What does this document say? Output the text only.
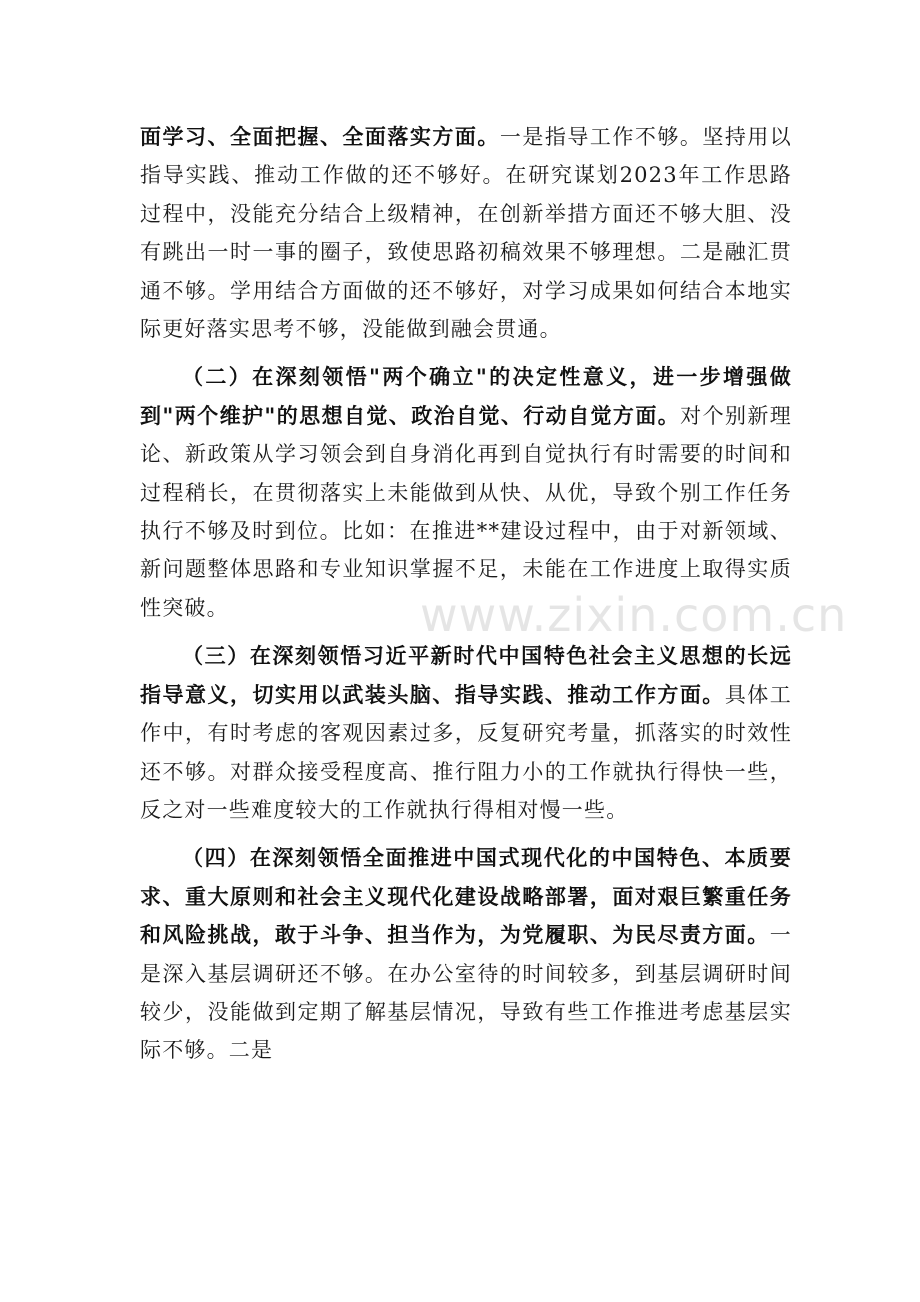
面学习、全面把握、全面落实方面。一是指导工作不够。坚持用以指导实践、推动工作做的还不够好。在研究谋划2023年工作思路过程中，没能充分结合上级精神，在创新举措方面还不够大胆、没有跳出一时一事的圈子，致使思路初稿效果不够理想。二是融汇贯通不够。学用结合方面做的还不够好，对学习成果如何结合本地实际更好落实思考不够，没能做到融会贯通。

（二）在深刻领悟"两个确立"的决定性意义，进一步增强做到"两个维护"的思想自觉、政治自觉、行动自觉方面。对个别新理论、新政策从学习领会到自身消化再到自觉执行有时需要的时间和过程稍长，在贯彻落实上未能做到从快、从优，导致个别工作任务执行不够及时到位。比如：在推进**建设过程中，由于对新领域、新问题整体思路和专业知识掌握不足，未能在工作进度上取得实质性突破。

（三）在深刻领悟习近平新时代中国特色社会主义思想的长远指导意义，切实用以武装头脑、指导实践、推动工作方面。具体工作中，有时考虑的客观因素过多，反复研究考量，抓落实的时效性还不够。对群众接受程度高、推行阻力小的工作就执行得快一些，反之对一些难度较大的工作就执行得相对慢一些。

（四）在深刻领悟全面推进中国式现代化的中国特色、本质要求、重大原则和社会主义现代化建设战略部署，面对艰巨繁重任务和风险挑战，敢于斗争、担当作为，为党履职、为民尽责方面。一是深入基层调研还不够。在办公室待的时间较多，到基层调研时间较少，没能做到定期了解基层情况，导致有些工作推进考虑基层实际不够。二是

www.zixin.com.cn
